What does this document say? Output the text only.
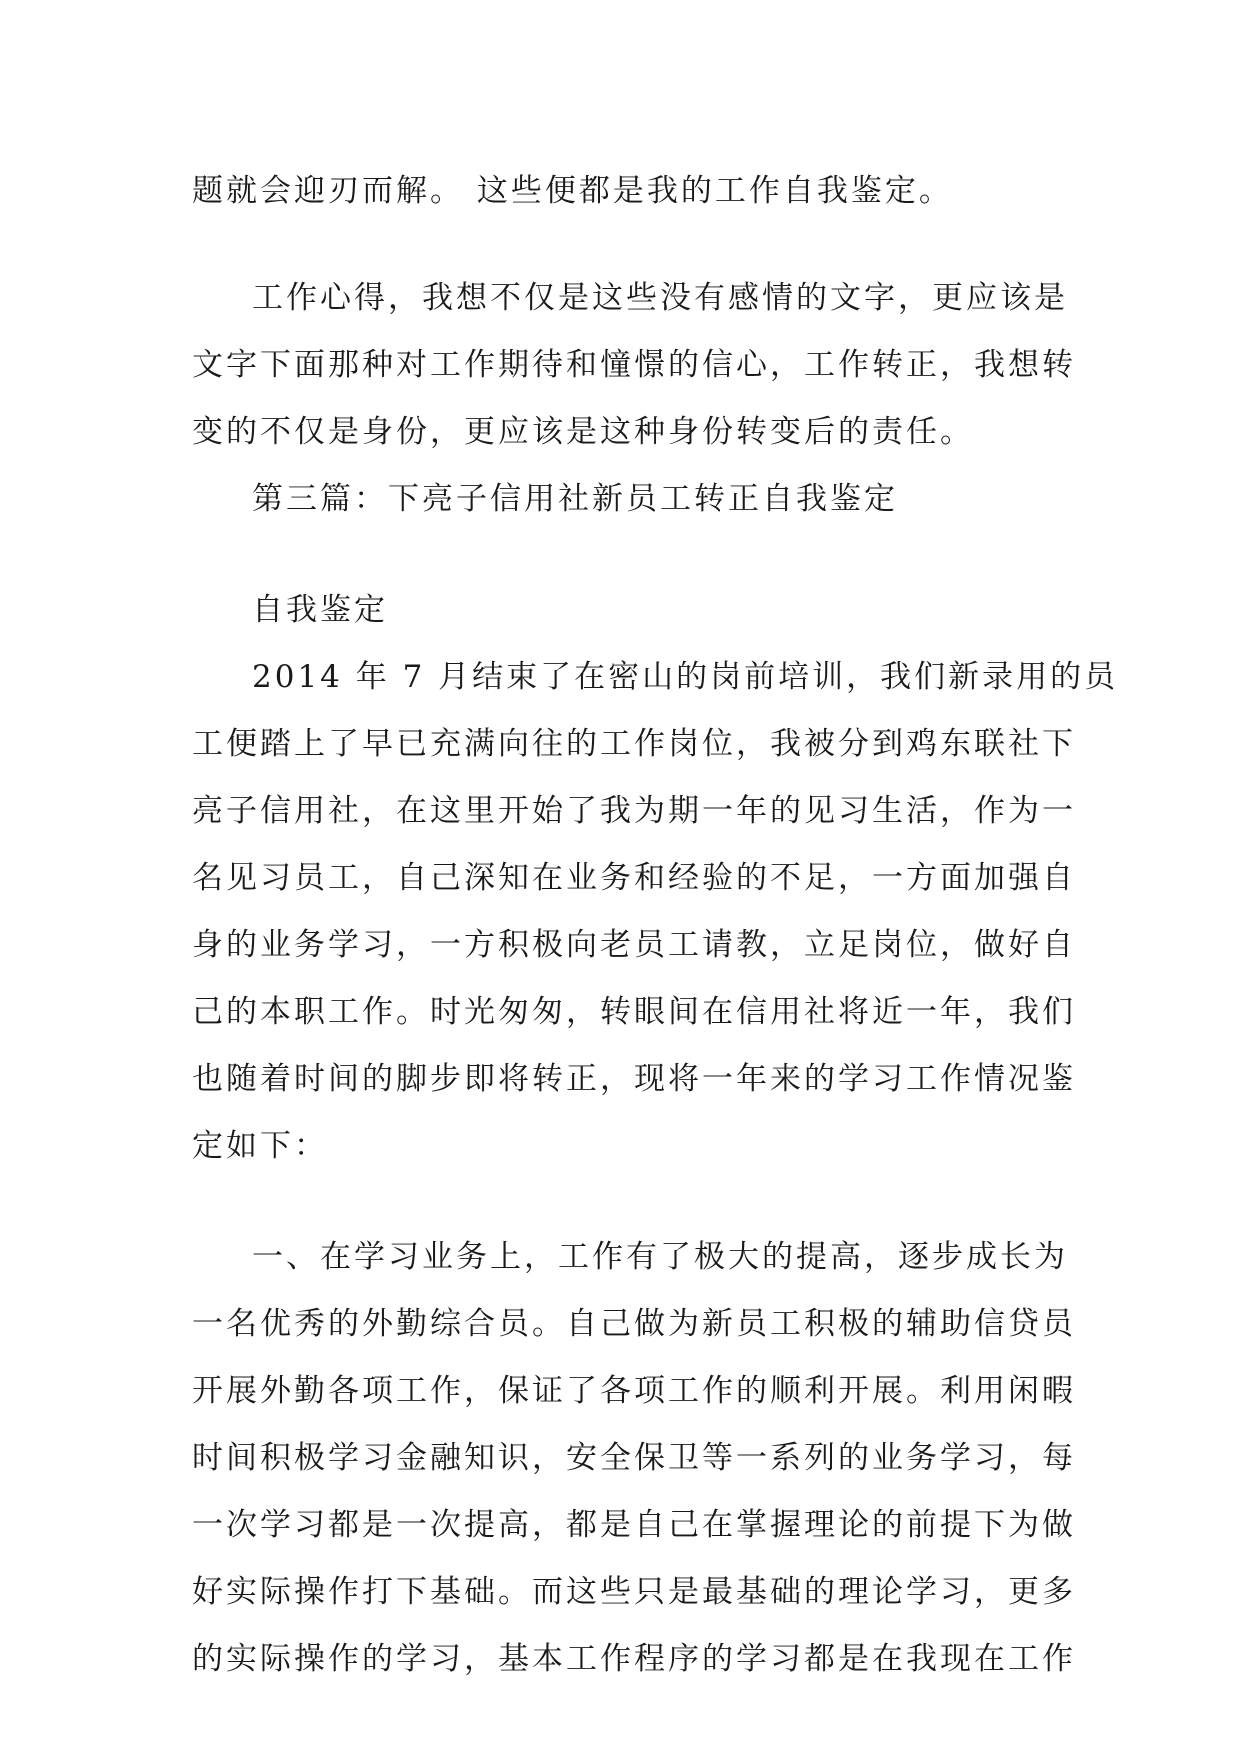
题就会迎刃而解。 这些便都是我的工作自我鉴定。

工作心得，我想不仅是这些没有感情的文字，更应该是
文字下面那种对工作期待和憧憬的信心，工作转正，我想转
变的不仅是身份，更应该是这种身份转变后的责任。

第三篇：下亮子信用社新员工转正自我鉴定

自我鉴定

2014 年 7 月结束了在密山的岗前培训，我们新录用的员
工便踏上了早已充满向往的工作岗位，我被分到鸡东联社下
亮子信用社，在这里开始了我为期一年的见习生活，作为一
名见习员工，自己深知在业务和经验的不足，一方面加强自
身的业务学习，一方积极向老员工请教，立足岗位，做好自
己的本职工作。时光匆匆，转眼间在信用社将近一年，我们
也随着时间的脚步即将转正，现将一年来的学习工作情况鉴
定如下：

一、在学习业务上，工作有了极大的提高，逐步成长为
一名优秀的外勤综合员。自己做为新员工积极的辅助信贷员
开展外勤各项工作，保证了各项工作的顺利开展。利用闲暇
时间积极学习金融知识，安全保卫等一系列的业务学习，每
一次学习都是一次提高，都是自己在掌握理论的前提下为做
好实际操作打下基础。而这些只是最基础的理论学习，更多
的实际操作的学习，基本工作程序的学习都是在我现在工作
